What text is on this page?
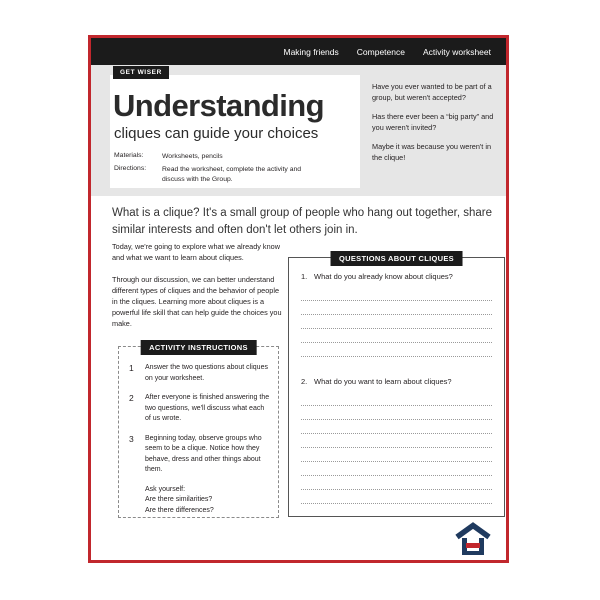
Making friends Competence Activity worksheet
Understanding
cliques can guide your choices
Materials:	Worksheets, pencils
Directions:	Read the worksheet, complete the activity and discuss with the Group.
GET WISER

Have you ever wanted to be part of a group, but weren't accepted?

Has there ever been a “big party” and you weren't invited?

Maybe it was because you weren't in the clique!

What is a clique? It's a small group of people who hang out together, share similar interests and often don't let others join in.

Today, we're going to explore what we already know and what we want to learn about cliques.

Through our discussion, we can better understand different types of cliques and the behavior of people in the cliques. Learning more about cliques is a powerful life skill that can help guide the choices you make.

ACTIVITY INSTRUCTIONS
1	Answer the two questions about cliques on your worksheet.
2	After everyone is finished answering the two questions, we'll discuss what each of us wrote.
3	Beginning today, observe groups who seem to be a clique. Notice how they behave, dress and other things about them.
Ask yourself:
Are there similarities?
Are there differences?
QUESTIONS ABOUT CLIQUES
1. What do you already know about cliques?
2. What do you want to learn about cliques?
